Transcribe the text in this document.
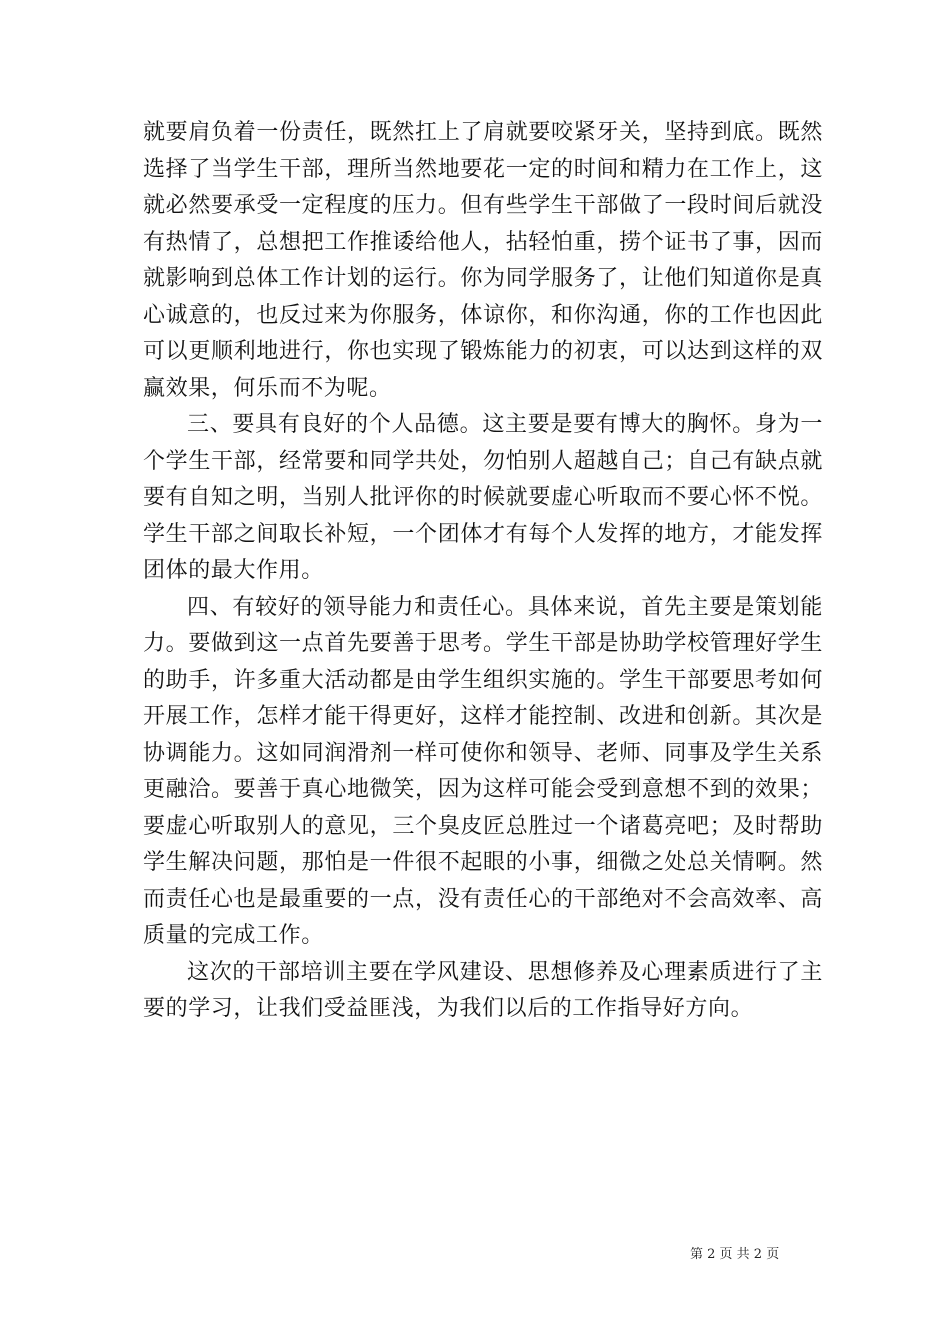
就要肩负着一份责任，既然扛上了肩就要咬紧牙关，坚持到底。既然选择了当学生干部，理所当然地要花一定的时间和精力在工作上，这就必然要承受一定程度的压力。但有些学生干部做了一段时间后就没有热情了，总想把工作推诿给他人，拈轻怕重，捞个证书了事，因而就影响到总体工作计划的运行。你为同学服务了，让他们知道你是真心诚意的，也反过来为你服务，体谅你，和你沟通，你的工作也因此可以更顺利地进行，你也实现了锻炼能力的初衷，可以达到这样的双赢效果，何乐而不为呢。

三、要具有良好的个人品德。这主要是要有博大的胸怀。身为一个学生干部，经常要和同学共处，勿怕别人超越自己；自己有缺点就要有自知之明，当别人批评你的时候就要虚心听取而不要心怀不悦。学生干部之间取长补短，一个团体才有每个人发挥的地方，才能发挥团体的最大作用。

四、有较好的领导能力和责任心。具体来说，首先主要是策划能力。要做到这一点首先要善于思考。学生干部是协助学校管理好学生的助手，许多重大活动都是由学生组织实施的。学生干部要思考如何开展工作，怎样才能干得更好，这样才能控制、改进和创新。其次是协调能力。这如同润滑剂一样可使你和领导、老师、同事及学生关系更融洽。要善于真心地微笑，因为这样可能会受到意想不到的效果；要虚心听取别人的意见，三个臭皮匠总胜过一个诸葛亮吧；及时帮助学生解决问题，那怕是一件很不起眼的小事，细微之处总关情啊。然而责任心也是最重要的一点，没有责任心的干部绝对不会高效率、高质量的完成工作。

这次的干部培训主要在学风建设、思想修养及心理素质进行了主要的学习，让我们受益匪浅，为我们以后的工作指导好方向。

第 2 页 共 2 页
